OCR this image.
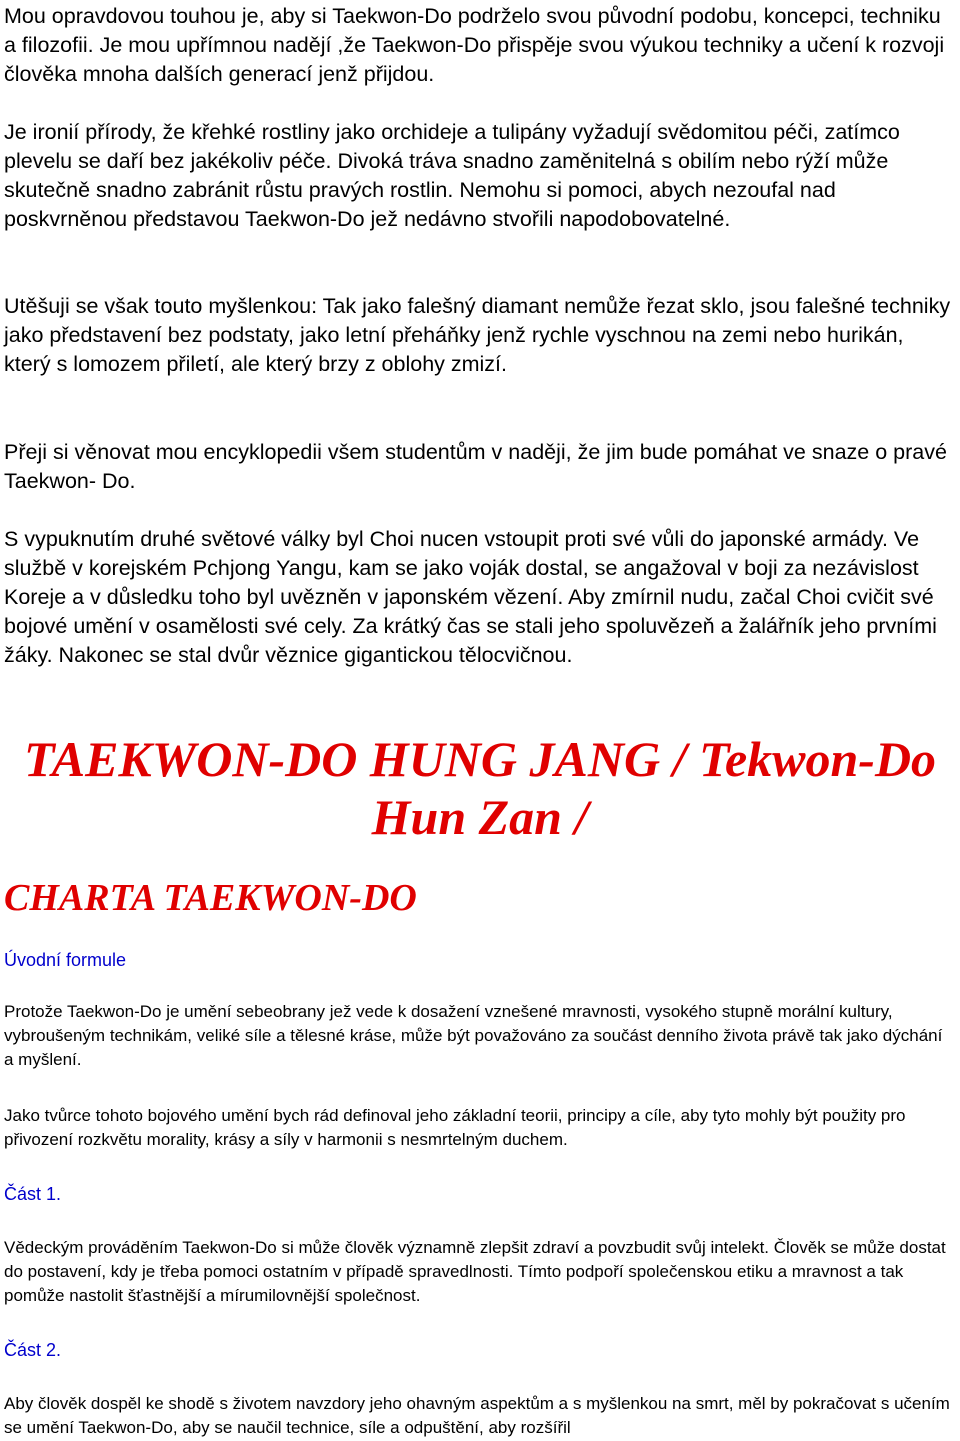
Mou opravdovou touhou je, aby si Taekwon-Do podrželo svou původní podobu, koncepci, techniku a filozofii. Je mou upřímnou nadějí ,že Taekwon-Do přispěje svou výukou techniky a učení k rozvoji člověka mnoha dalších generací jenž přijdou.

Je ironií přírody, že křehké rostliny jako orchideje a tulipány vyžadují svědomitou péči, zatímco plevelu se daří bez jakékoliv péče. Divoká tráva snadno zaměnitelná s obilím nebo rýží může skutečně snadno zabránit růstu pravých rostlin. Nemohu si pomoci, abych nezoufal nad poskvrněnou představou Taekwon-Do jež nedávno stvořili napodobovatelné.

Utěšuji se však touto myšlenkou: Tak jako falešný diamant nemůže řezat sklo, jsou falešné techniky jako představení bez podstaty, jako letní přeháňky jenž rychle vyschnou na zemi nebo hurikán, který s lomozem přiletí, ale který brzy z oblohy zmizí.

Přeji si věnovat mou encyklopedii všem studentům v naději, že jim bude pomáhat ve snaze o pravé Taekwon- Do.

S vypuknutím druhé světové války byl Choi nucen vstoupit proti své vůli do japonské armády. Ve službě v korejském Pchjong Yangu, kam se jako voják dostal, se angažoval v boji za nezávislost Koreje a v důsledku toho byl uvězněn v japonském vězení. Aby zmírnil nudu, začal Choi cvičit své bojové umění v osamělosti své cely. Za krátký čas se stali jeho spoluvězeň a žalářník jeho prvními žáky. Nakonec se stal dvůr věznice gigantickou tělocvičnou.

TAEKWON-DO HUNG JANG / Tekwon-Do Hun Zan /
CHARTA TAEKWON-DO

Úvodní formule

Protože Taekwon-Do je umění sebeobrany jež vede k dosažení vznešené mravnosti, vysokého stupně morální kultury, vybroušeným technikám, veliké síle a tělesné kráse, může být považováno za součást denního života právě tak jako dýchání a myšlení.

Jako tvůrce tohoto bojového umění bych rád definoval jeho základní teorii, principy a cíle, aby tyto mohly být použity pro přivození rozkvětu morality, krásy a síly v harmonii s nesmrtelným duchem.

Část 1.

Vědeckým prováděním Taekwon-Do si může člověk významně zlepšit zdraví a povzbudit svůj intelekt. Člověk se může dostat do postavení, kdy je třeba pomoci ostatním v případě spravedlnosti. Tímto podpoří společenskou etiku a mravnost a tak pomůže nastolit šťastnější a mírumilovnější společnost.

Část 2.

Aby člověk dospěl ke shodě s životem navzdory jeho ohavným aspektům a s myšlenkou na smrt, měl by pokračovat s učením se umění Taekwon-Do, aby se naučil technice, síle a odpuštění, aby rozšířil
